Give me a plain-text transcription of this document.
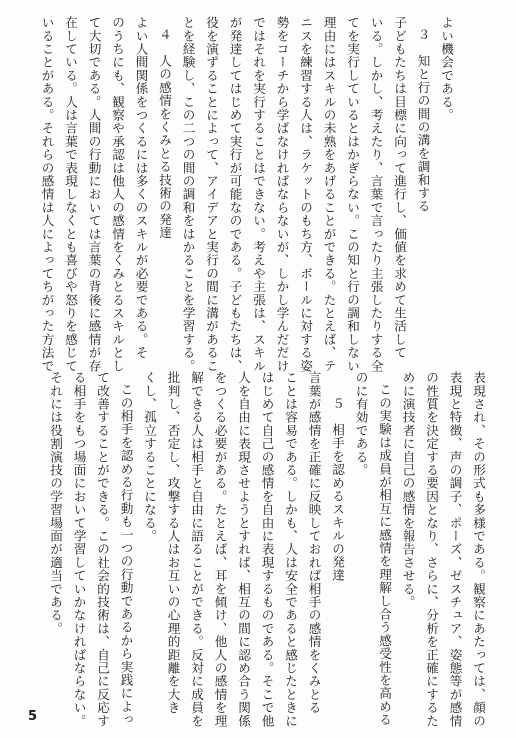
よい機会である。

３　知と行の間の溝を調和する

子どもたちは目標に向って進行し、価値を求めて生活して

いる。しかし、考えたり、言葉で言ったり主張したりする全

てを実行しているとはかぎらない。この知と行の調和しない

理由にはスキルの未熟をあげることができる。たとえば、テ

ニスを練習する人は、ラケットのもち方、ボールに対する姿

勢をコーチから学ばなければならないが、しかし学んだだけ

ではそれを実行することはできない。考えや主張は、スキル

が発達してはじめて実行が可能なのである。子どもたちは、

役を演ずることによって、アイデアと実行の間に溝があるこ

とを経験し、この二つの間の調和をはかることを学習する。

４　人の感情をくみとる技術の発達

よい人間関係をつくるには多くのスキルが必要である。そ

のうちにも、観察や承認は他人の感情をくみとるスキルとし

て大切である。人間の行動においては言葉の背後に感情が存

在している。人は言葉で表現しなくとも喜びや怒りを感じて

いることがある。それらの感情は人によってちがった方法で

表現され、その形式も多様である。観察にあたっては、顔の

表現と特徴、声の調子、ポーズ、ゼスチュア、姿態等が感情

の性質を決定する要因となり、さらに、分析を正確にするた

めに演技者に自己の感情を報告させる。

この実験は成員が相互に感情を理解し合う感受性を高める

のに有効である。

５　相手を認めるスキルの発達

言葉が感情を正確に反映しておれば相手の感情をくみとる

ことは容易である。しかも、人は安全であると感じたときに

はじめて自己の感情を自由に表現するものである。そこで他

人を自由に表現させようとすれば、相互の間に認め合う関係

をつくる必要がある。たとえば、耳を傾け、他人の感情を理

解できる人は相手と自由に語ることができる。反対に成員を

批判し、否定し、攻撃する人はお互いの心理的距離を大き

くし、孤立することになる。

この相手を認める行動も一つの行動であるから実践によっ

て改善することができる。この社会的技術は、自己に反応す

る相手をもつ場面において学習していかなければならない。

それには役割演技の学習場面が適当である。

5
